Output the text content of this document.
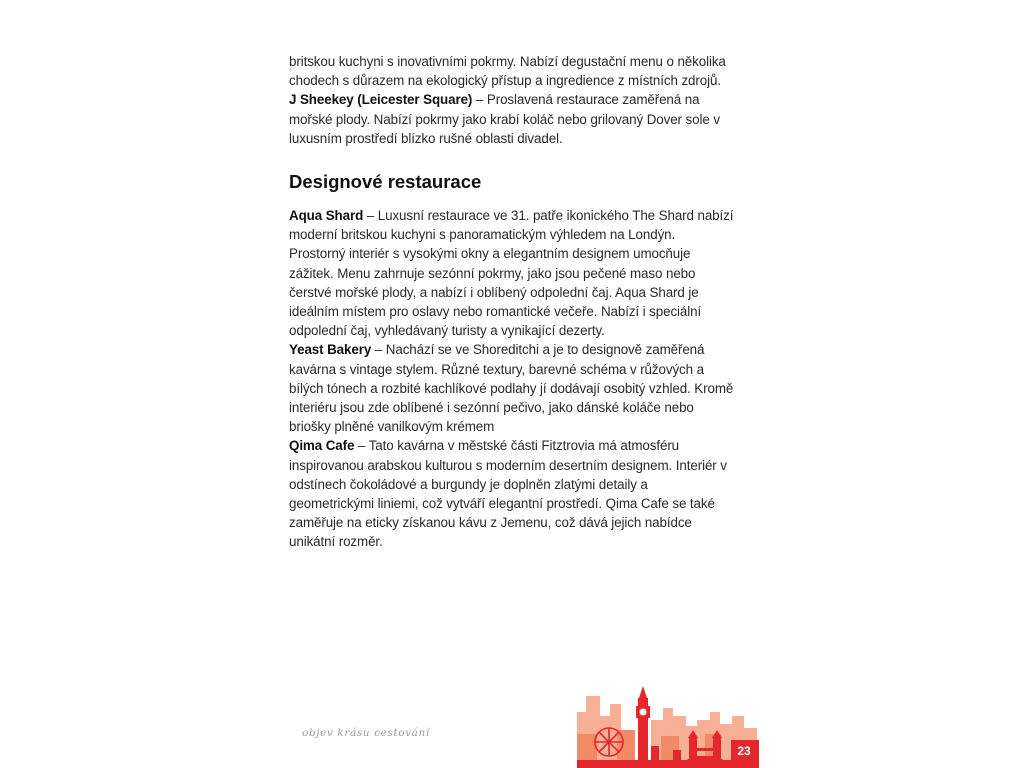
britskou kuchyni s inovativními pokrmy. Nabízí degustační menu o několika chodech s důrazem na ekologický přístup a ingredience z místních zdrojů.
J Sheekey (Leicester Square) – Proslavená restaurace zaměřená na mořské plody. Nabízí pokrmy jako krabí koláč nebo grilovaný Dover sole v luxusním prostředí blízko rušné oblasti divadel.

Designové restaurace

Aqua Shard – Luxusní restaurace ve 31. patře ikonického The Shard nabízí moderní britskou kuchyni s panoramatickým výhledem na Londýn. Prostorný interiér s vysokými okny a elegantním designem umocňuje zážitek. Menu zahrnuje sezónní pokrmy, jako jsou pečené maso nebo čerstvé mořské plody, a nabízí i oblíbený odpolední čaj. Aqua Shard je ideálním místem pro oslavy nebo romantické večeře. Nabízí i speciální odpolední čaj, vyhledávaný turisty a vynikající dezerty.

Yeast Bakery – Nachází se ve Shoreditchi a je to designově zaměřená kavárna s vintage stylem. Různé textury, barevné schéma v růžových a bílých tónech a rozbité kachlíkové podlahy jí dodávají osobitý vzhled. Kromě interiéru jsou zde oblíbené i sezónní pečivo, jako dánské koláče nebo briošky plněné vanilkovým krémem

Qima Cafe – Tato kavárna v městské části Fitztrovia má atmosféru inspirovanou arabskou kulturou s moderním desertním designem. Interiér v odstínech čokoládové a burgundy je doplněn zlatými detaily a geometrickými liniemi, což vytváří elegantní prostředí. Qima Cafe se také zaměřuje na eticky získanou kávu z Jemenu, což dává jejich nabídce unikátní rozměr.

objev krásu cestování
23
